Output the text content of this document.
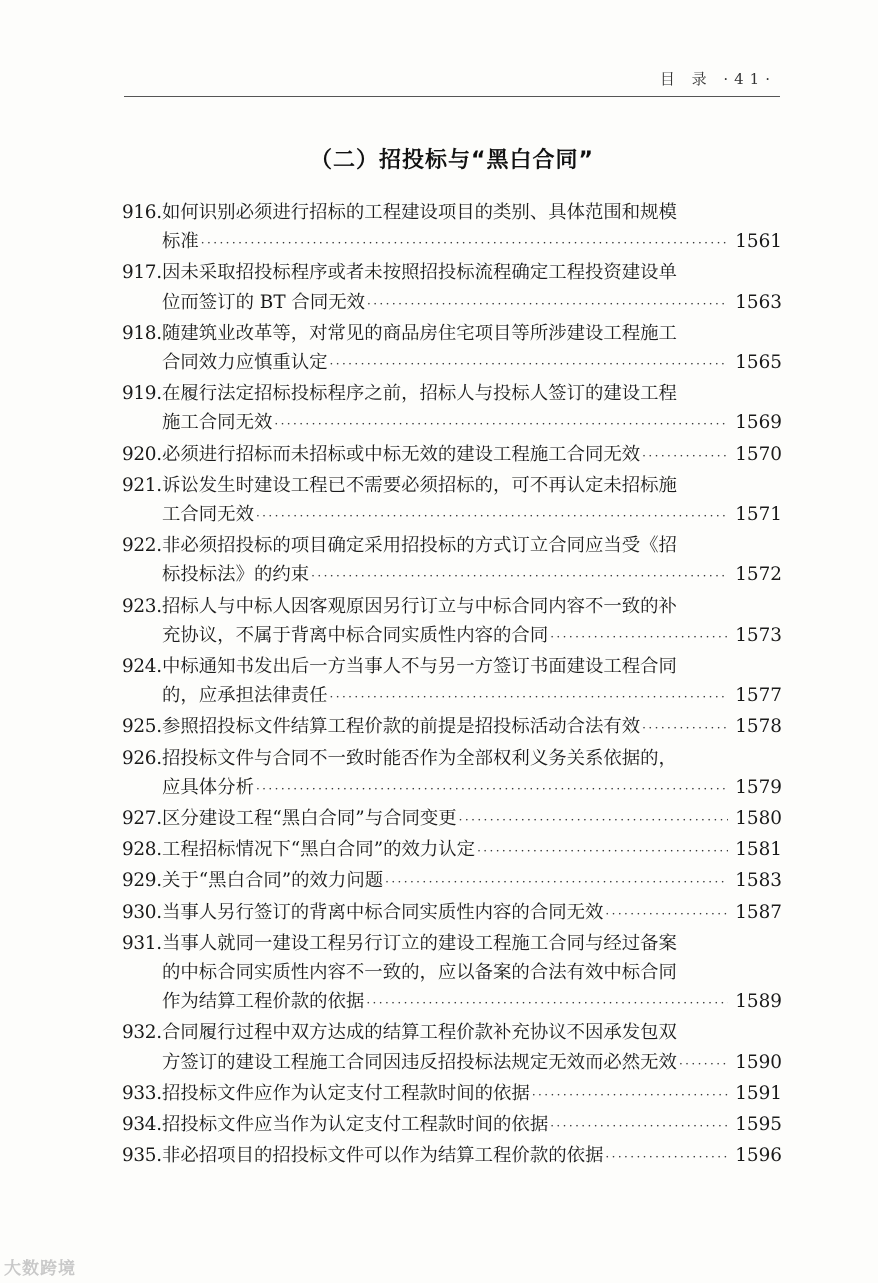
目 录 ·41·
（二）招投标与“黑白合同”
916. 如何识别必须进行招标的工程建设项目的类别、具体范围和规模
标准 ·····	1561
917. 因未采取招投标程序或者未按照招投标流程确定工程投资建设单
位而签订的 BT 合同无效 ·····	1563
918. 随建筑业改革等，对常见的商品房住宅项目等所涉建设工程施工
合同效力应慎重认定 ·····	1565
919. 在履行法定招标投标程序之前，招标人与投标人签订的建设工程
施工合同无效 ·····	1569
920. 必须进行招标而未招标或中标无效的建设工程施工合同无效 ·····	1570
921. 诉讼发生时建设工程已不需要必须招标的，可不再认定未招标施
工合同无效 ·····	1571
922. 非必须招投标的项目确定采用招投标的方式订立合同应当受《招
标投标法》的约束 ·····	1572
923. 招标人与中标人因客观原因另行订立与中标合同内容不一致的补
充协议，不属于背离中标合同实质性内容的合同 ·····	1573
924. 中标通知书发出后一方当事人不与另一方签订书面建设工程合同
的，应承担法律责任 ·····	1577
925. 参照招投标文件结算工程价款的前提是招投标活动合法有效 ·····	1578
926. 招投标文件与合同不一致时能否作为全部权利义务关系依据的，
应具体分析 ·····	1579
927. 区分建设工程“黑白合同”与合同变更 ·····	1580
928. 工程招标情况下“黑白合同”的效力认定 ·····	1581
929. 关于“黑白合同”的效力问题 ·····	1583
930. 当事人另行签订的背离中标合同实质性内容的合同无效 ·····	1587
931. 当事人就同一建设工程另行订立的建设工程施工合同与经过备案
的中标合同实质性内容不一致的，应以备案的合法有效中标合同
作为结算工程价款的依据 ·····	1589
932. 合同履行过程中双方达成的结算工程价款补充协议不因承发包双
方签订的建设工程施工合同因违反招投标法规定无效而必然无效 ·····	1590
933. 招投标文件应作为认定支付工程款时间的依据 ·····	1591
934. 招投标文件应当作为认定支付工程款时间的依据 ·····	1595
935. 非必招项目的招投标文件可以作为结算工程价款的依据 ·····	1596
大数跨境
